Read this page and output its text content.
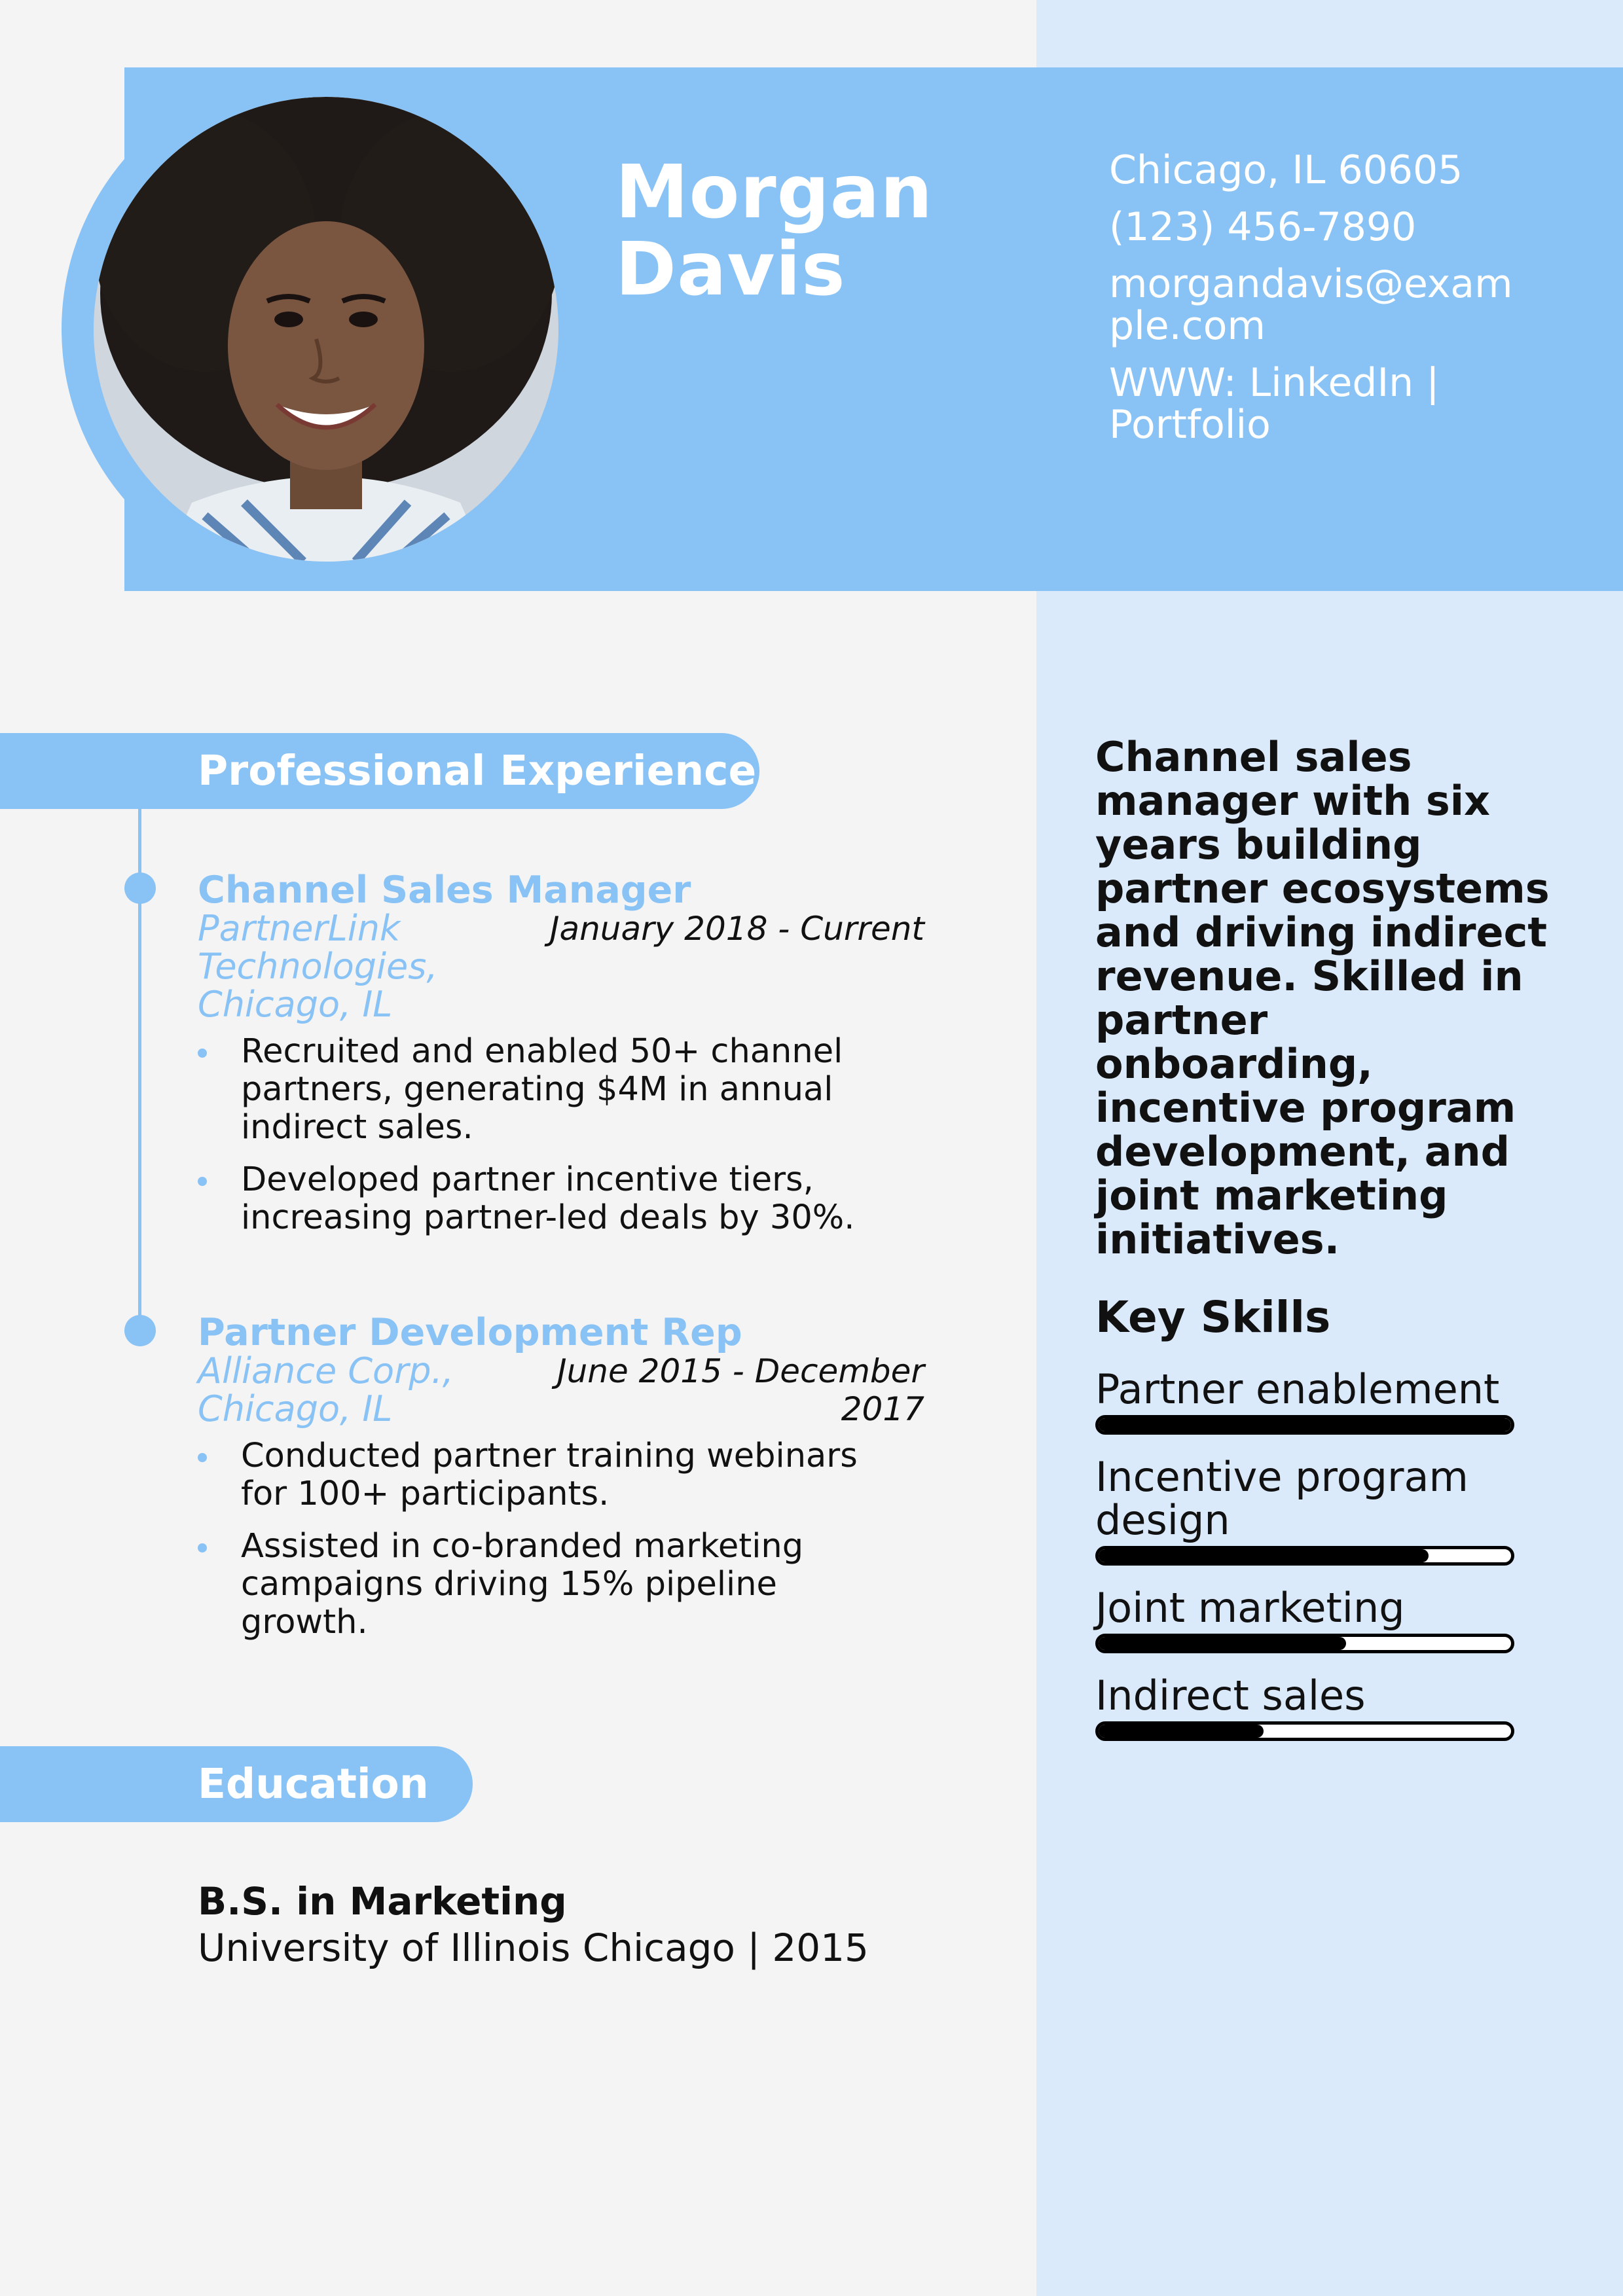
Morgan
Davis
Chicago, IL 60605
(123) 456-7890
morgandavis@example.com
WWW: LinkedIn | Portfolio
Professional Experience
Channel Sales Manager
PartnerLink Technologies, Chicago, IL
January 2018 - Current
Recruited and enabled 50+ channel partners, generating $4M in annual indirect sales.
Developed partner incentive tiers, increasing partner-led deals by 30%.
Partner Development Rep
Alliance Corp., Chicago, IL
June 2015 - December 2017
Conducted partner training webinars for 100+ participants.
Assisted in co-branded marketing campaigns driving 15% pipeline growth.
Education
B.S. in Marketing
University of Illinois Chicago | 2015
Channel sales manager with six years building partner ecosystems and driving indirect revenue. Skilled in partner onboarding, incentive program development, and joint marketing initiatives.
Key Skills
Partner enablement
Incentive program design
Joint marketing
Indirect sales
